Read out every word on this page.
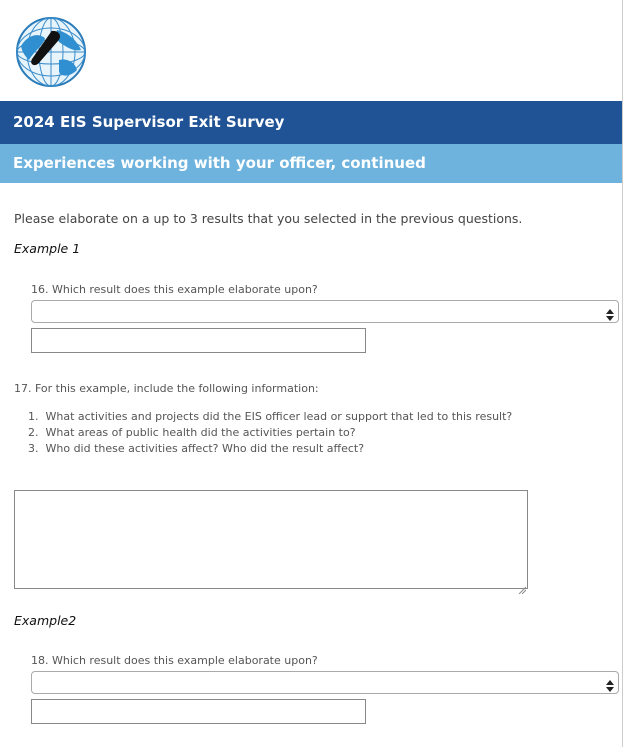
2024 EIS Supervisor Exit Survey
Experiences working with your officer, continued
Please elaborate on a up to 3 results that you selected in the previous questions.
Example 1
16. Which result does this example elaborate upon?
17. For this example, include the following information:
1. What activities and projects did the EIS officer lead or support that led to this result?
2. What areas of public health did the activities pertain to?
3. Who did these activities affect? Who did the result affect?
Example2
18. Which result does this example elaborate upon?
